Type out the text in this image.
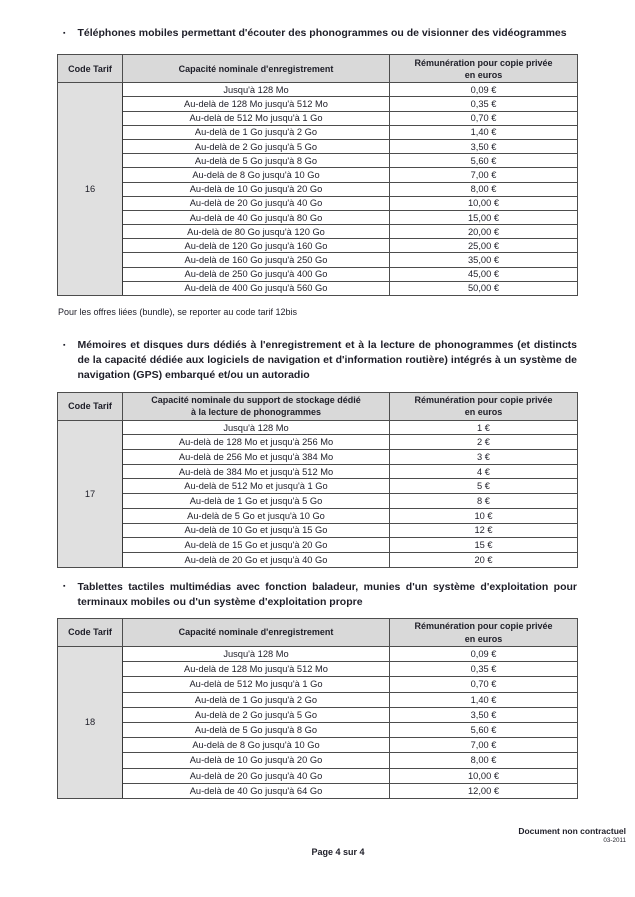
▪ Téléphones mobiles permettant d'écouter des phonogrammes ou de visionner des vidéogrammes
Code Tarif	Capacité nominale d'enregistrement	Rémunération pour copie privée
en euros
16	Jusqu'à 128 Mo	0,09 €
	Au-delà de 128 Mo jusqu'à 512 Mo	0,35 €
	Au-delà de 512 Mo jusqu'à 1 Go	0,70 €
	Au-delà de 1 Go jusqu'à 2 Go	1,40 €
	Au-delà de 2 Go jusqu'à 5 Go	3,50 €
	Au-delà de 5 Go jusqu'à 8 Go	5,60 €
	Au-delà de 8 Go jusqu'à 10 Go	7,00 €
	Au-delà de 10 Go jusqu'à 20 Go	8,00 €
	Au-delà de 20 Go jusqu'à 40 Go	10,00 €
	Au-delà de 40 Go jusqu'à 80 Go	15,00 €
	Au-delà de 80 Go jusqu'à 120 Go	20,00 €
	Au-delà de 120 Go jusqu'à 160 Go	25,00 €
	Au-delà de 160 Go jusqu'à 250 Go	35,00 €
	Au-delà de 250 Go jusqu'à 400 Go	45,00 €
	Au-delà de 400 Go jusqu'à 560 Go	50,00 €

Pour les offres liées (bundle), se reporter au code tarif 12bis

▪ Mémoires et disques durs dédiés à l'enregistrement et à la lecture de phonogrammes (et distincts de la capacité dédiée aux logiciels de navigation et d'information routière) intégrés à un système de navigation (GPS) embarqué et/ou un autoradio
Code Tarif	Capacité nominale du support de stockage dédié
à la lecture de phonogrammes	Rémunération pour copie privée
en euros
17	Jusqu'à 128 Mo	1 €
	Au-delà de 128 Mo et jusqu'à 256 Mo	2 €
	Au-delà de 256 Mo et jusqu'à 384 Mo	3 €
	Au-delà de 384 Mo et jusqu'à 512 Mo	4 €
	Au-delà de 512 Mo et jusqu'à 1 Go	5 €
	Au-delà de 1 Go et jusqu'à 5 Go	8 €
	Au-delà de 5 Go et jusqu'à 10 Go	10 €
	Au-delà de 10 Go et jusqu'à 15 Go	12 €
	Au-delà de 15 Go et jusqu'à 20 Go	15 €
	Au-delà de 20 Go et jusqu'à 40 Go	20 €
▪ Tablettes tactiles multimédias avec fonction baladeur, munies d'un système d'exploitation pour terminaux mobiles ou d'un système d'exploitation propre
Code Tarif	Capacité nominale d'enregistrement	Rémunération pour copie privée
en euros
18	Jusqu'à 128 Mo	0,09 €
	Au-delà de 128 Mo jusqu'à 512 Mo	0,35 €
	Au-delà de 512 Mo jusqu'à 1 Go	0,70 €
	Au-delà de 1 Go jusqu'à 2 Go	1,40 €
	Au-delà de 2 Go jusqu'à 5 Go	3,50 €
	Au-delà de 5 Go jusqu'à 8 Go	5,60 €
	Au-delà de 8 Go jusqu'à 10 Go	7,00 €
	Au-delà de 10 Go jusqu'à 20 Go	8,00 €
	Au-delà de 20 Go jusqu'à 40 Go	10,00 €
	Au-delà de 40 Go jusqu'à 64 Go	12,00 €
Document non contractuel
03-2011
Page 4 sur 4
